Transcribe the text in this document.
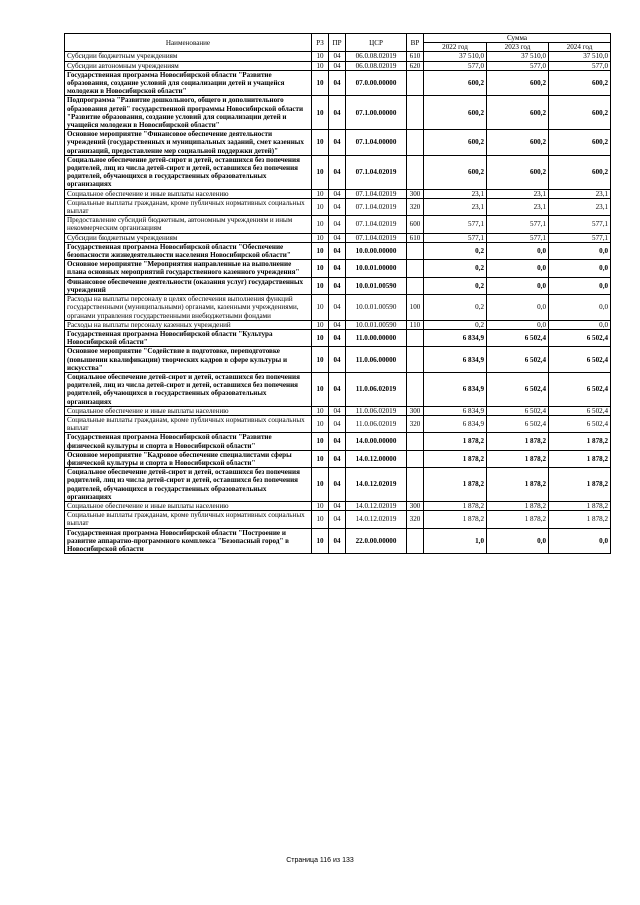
Наименование	РЗ	ПР	ЦСР	ВР	Сумма		
					2022 год	2023 год	2024 год
Субсидии бюджетным учреждениям	10	04	06.0.08.02019	610	37 510,0	37 510,0	37 510,0
Субсидии автономным учреждениям	10	04	06.0.08.02019	620	577,0	577,0	577,0
Государственная программа Новосибирской области "Развитие образования, создание условий для социализации детей и учащейся молодежи в Новосибирской области"	10	04	07.0.00.00000		600,2	600,2	600,2
Подпрограмма "Развитие дошкольного, общего и дополнительного образования детей" государственной программы Новосибирской области "Развитие образования, создание условий для социализации детей и учащейся молодежи в Новосибирской области"	10	04	07.1.00.00000		600,2	600,2	600,2
Основное мероприятие "Финансовое обеспечение деятельности учреждений (государственных и муниципальных заданий, смет казенных организаций, предоставление мер социальной поддержки детей)"	10	04	07.1.04.00000		600,2	600,2	600,2
Социальное обеспечение детей-сирот и детей, оставшихся без попечения родителей, лиц из числа детей-сирот и детей, оставшихся без попечения родителей, обучающихся в государственных образовательных организациях	10	04	07.1.04.02019		600,2	600,2	600,2
Социальное обеспечение и иные выплаты населению	10	04	07.1.04.02019	300	23,1	23,1	23,1
Социальные выплаты гражданам, кроме публичных нормативных социальных выплат	10	04	07.1.04.02019	320	23,1	23,1	23,1
Предоставление субсидий бюджетным, автономным учреждениям и иным некоммерческим организациям	10	04	07.1.04.02019	600	577,1	577,1	577,1
Субсидии бюджетным учреждениям	10	04	07.1.04.02019	610	577,1	577,1	577,1
Государственная программа Новосибирской области "Обеспечение безопасности жизнедеятельности населения Новосибирской области"	10	04	10.0.00.00000		0,2	0,0	0,0
Основное мероприятие "Мероприятия направленные на выполнение плана основных мероприятий государственного казенного учреждения"	10	04	10.0.01.00000		0,2	0,0	0,0
Финансовое обеспечение деятельности (оказания услуг) государственных учреждений	10	04	10.0.01.00590		0,2	0,0	0,0
Расходы на выплаты персоналу в целях обеспечения выполнения функций государственными (муниципальными) органами, казенными учреждениями, органами управления государственными внебюджетными фондами	10	04	10.0.01.00590	100	0,2	0,0	0,0
Расходы на выплаты персоналу казенных учреждений	10	04	10.0.01.00590	110	0,2	0,0	0,0
Государственная программа Новосибирской области "Культура Новосибирской области"	10	04	11.0.00.00000		6 834,9	6 502,4	6 502,4
Основное мероприятие "Содействие в подготовке, переподготовке (повышении квалификации) творческих кадров в сфере культуры и искусства"	10	04	11.0.06.00000		6 834,9	6 502,4	6 502,4
Социальное обеспечение детей-сирот и детей, оставшихся без попечения родителей, лиц из числа детей-сирот и детей, оставшихся без попечения родителей, обучающихся в государственных образовательных организациях	10	04	11.0.06.02019		6 834,9	6 502,4	6 502,4
Социальное обеспечение и иные выплаты населению	10	04	11.0.06.02019	300	6 834,9	6 502,4	6 502,4
Социальные выплаты гражданам, кроме публичных нормативных социальных выплат	10	04	11.0.06.02019	320	6 834,9	6 502,4	6 502,4
Государственная программа Новосибирской области "Развитие физической культуры и спорта в Новосибирской области"	10	04	14.0.00.00000		1 878,2	1 878,2	1 878,2
Основное мероприятие "Кадровое обеспечение специалистами сферы физической культуры и спорта в Новосибирской области"	10	04	14.0.12.00000		1 878,2	1 878,2	1 878,2
Социальное обеспечение детей-сирот и детей, оставшихся без попечения родителей, лиц из числа детей-сирот и детей, оставшихся без попечения родителей, обучающихся в государственных образовательных организациях	10	04	14.0.12.02019		1 878,2	1 878,2	1 878,2
Социальное обеспечение и иные выплаты населению	10	04	14.0.12.02019	300	1 878,2	1 878,2	1 878,2
Социальные выплаты гражданам, кроме публичных нормативных социальных выплат	10	04	14.0.12.02019	320	1 878,2	1 878,2	1 878,2
Государственная программа Новосибирской области "Построение и развитие аппаратно-программного комплекса "Безопасный город" в Новосибирской области	10	04	22.0.00.00000		1,0	0,0	0,0
Страница 116 из 133
